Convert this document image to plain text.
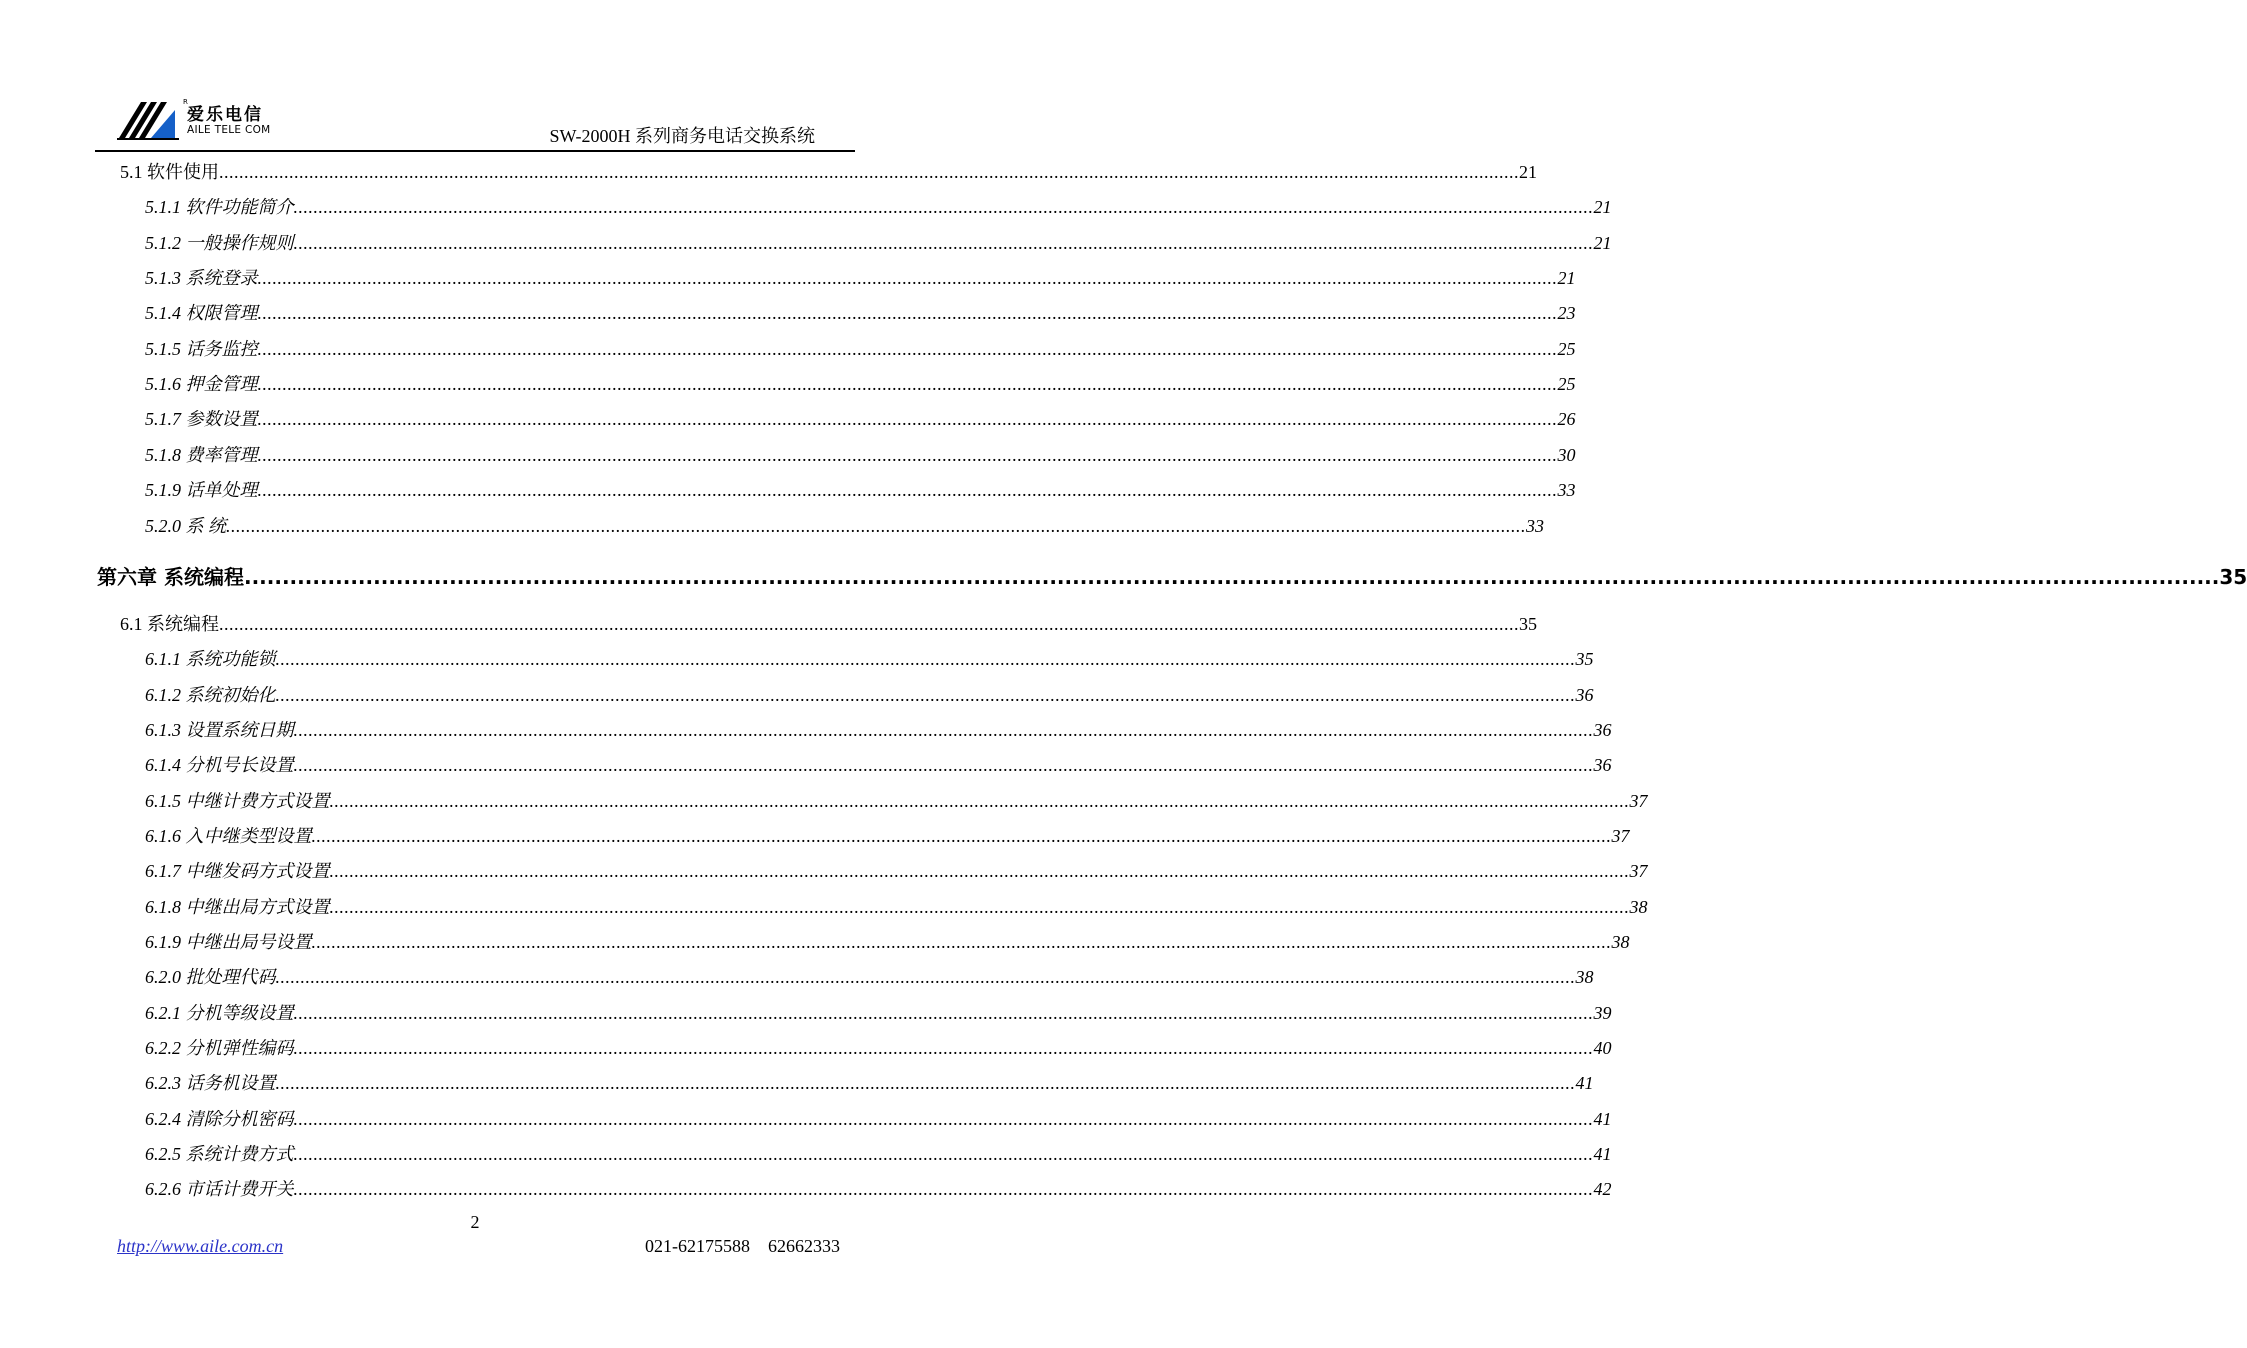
R
爱乐电信
AILE TELE COM	SW-2000H 系列商务电话交换系统
5.1 软件使用 .................................................................................................................................................................................................................................................................... 21
5.1.1 软件功能简介 .................................................................................................................................................................................................................................................................... 21
5.1.2 一般操作规则 .................................................................................................................................................................................................................................................................... 21
5.1.3 系统登录 .................................................................................................................................................................................................................................................................... 21
5.1.4 权限管理 .................................................................................................................................................................................................................................................................... 23
5.1.5 话务监控 .................................................................................................................................................................................................................................................................... 25
5.1.6 押金管理 .................................................................................................................................................................................................................................................................... 25
5.1.7 参数设置 .................................................................................................................................................................................................................................................................... 26
5.1.8 费率管理 .................................................................................................................................................................................................................................................................... 30
5.1.9 话单处理 .................................................................................................................................................................................................................................................................... 33
5.2.0 系 统 .................................................................................................................................................................................................................................................................... 33
第六章 系统编程 .................................................................................................................................................................................................................................................................... 35
6.1 系统编程 .................................................................................................................................................................................................................................................................... 35
6.1.1 系统功能锁 .................................................................................................................................................................................................................................................................... 35
6.1.2 系统初始化 .................................................................................................................................................................................................................................................................... 36
6.1.3 设置系统日期 .................................................................................................................................................................................................................................................................... 36
6.1.4 分机号长设置 .................................................................................................................................................................................................................................................................... 36
6.1.5 中继计费方式设置 .................................................................................................................................................................................................................................................................... 37
6.1.6 入中继类型设置 .................................................................................................................................................................................................................................................................... 37
6.1.7 中继发码方式设置 .................................................................................................................................................................................................................................................................... 37
6.1.8 中继出局方式设置 .................................................................................................................................................................................................................................................................... 38
6.1.9 中继出局号设置 .................................................................................................................................................................................................................................................................... 38
6.2.0 批处理代码 .................................................................................................................................................................................................................................................................... 38
6.2.1 分机等级设置 .................................................................................................................................................................................................................................................................... 39
6.2.2 分机弹性编码 .................................................................................................................................................................................................................................................................... 40
6.2.3 话务机设置 .................................................................................................................................................................................................................................................................... 41
6.2.4 清除分机密码 .................................................................................................................................................................................................................................................................... 41
6.2.5 系统计费方式 .................................................................................................................................................................................................................................................................... 41
6.2.6 市话计费开关 .................................................................................................................................................................................................................................................................... 42
2
http://www.aile.com.cn	021-62175588    62662333
